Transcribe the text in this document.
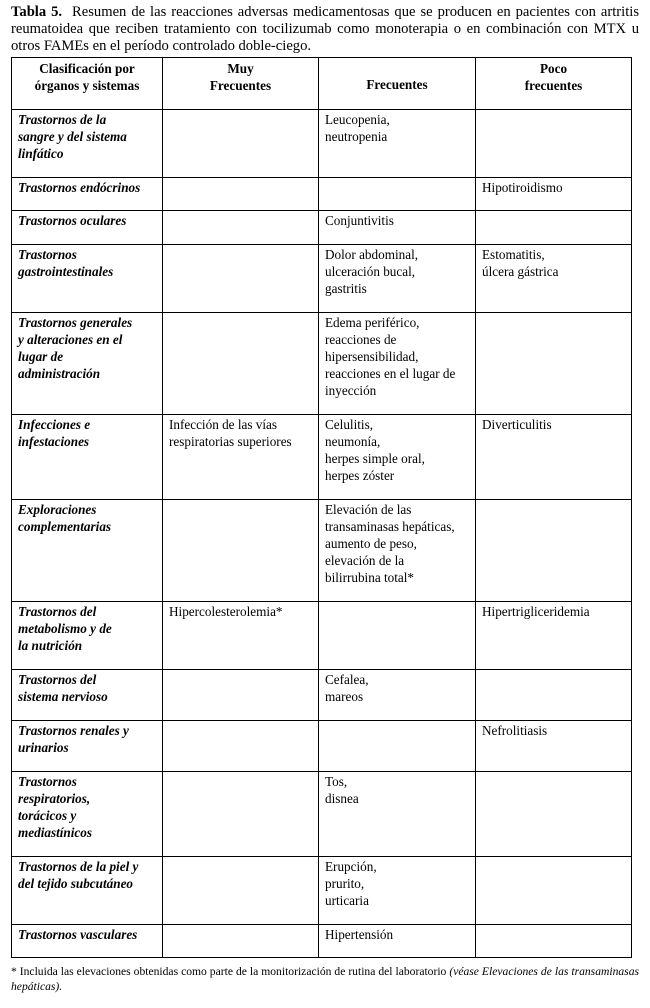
Tabla 5. Resumen de las reacciones adversas medicamentosas que se producen en pacientes con artritis reumatoidea que reciben tratamiento con tocilizumab como monoterapia o en combinación con MTX u otros FAMEs en el período controlado doble-ciego.
Clasificación por
órganos y sistemas	Muy
Frecuentes	Frecuentes	Poco
frecuentes

Trastornos de la
sangre y del sistema
linfático		Leucopenia,
neutropenia	

Trastornos endócrinos			Hipotiroidismo

Trastornos oculares		Conjuntivitis	

Trastornos
gastrointestinales		Dolor abdominal,
ulceración bucal,
gastritis	Estomatitis,
úlcera gástrica

Trastornos generales
y alteraciones en el
lugar de
administración		Edema periférico,
reacciones de
hipersensibilidad,
reacciones en el lugar de
inyección	

Infecciones e
infestaciones	Infección de las vías
respiratorias superiores	Celulitis,
neumonía,
herpes simple oral,
herpes zóster	Diverticulitis

Exploraciones
complementarias		Elevación de las
transaminasas hepáticas,
aumento de peso,
elevación de la
bilirrubina total*	

Trastornos del
metabolismo y de
la nutrición	Hipercolesterolemia*		Hipertrigliceridemia

Trastornos del
sistema nervioso		Cefalea,
mareos	

Trastornos renales y
urinarios			Nefrolitiasis

Trastornos
respiratorios,
torácicos y
mediastínicos		Tos,
disnea	

Trastornos de la piel y
del tejido subcutáneo		Erupción,
prurito,
urticaria	

Trastornos vasculares		Hipertensión	

* Incluida las elevaciones obtenidas como parte de la monitorización de rutina del laboratorio (véase Elevaciones de las transaminasas hepáticas).
